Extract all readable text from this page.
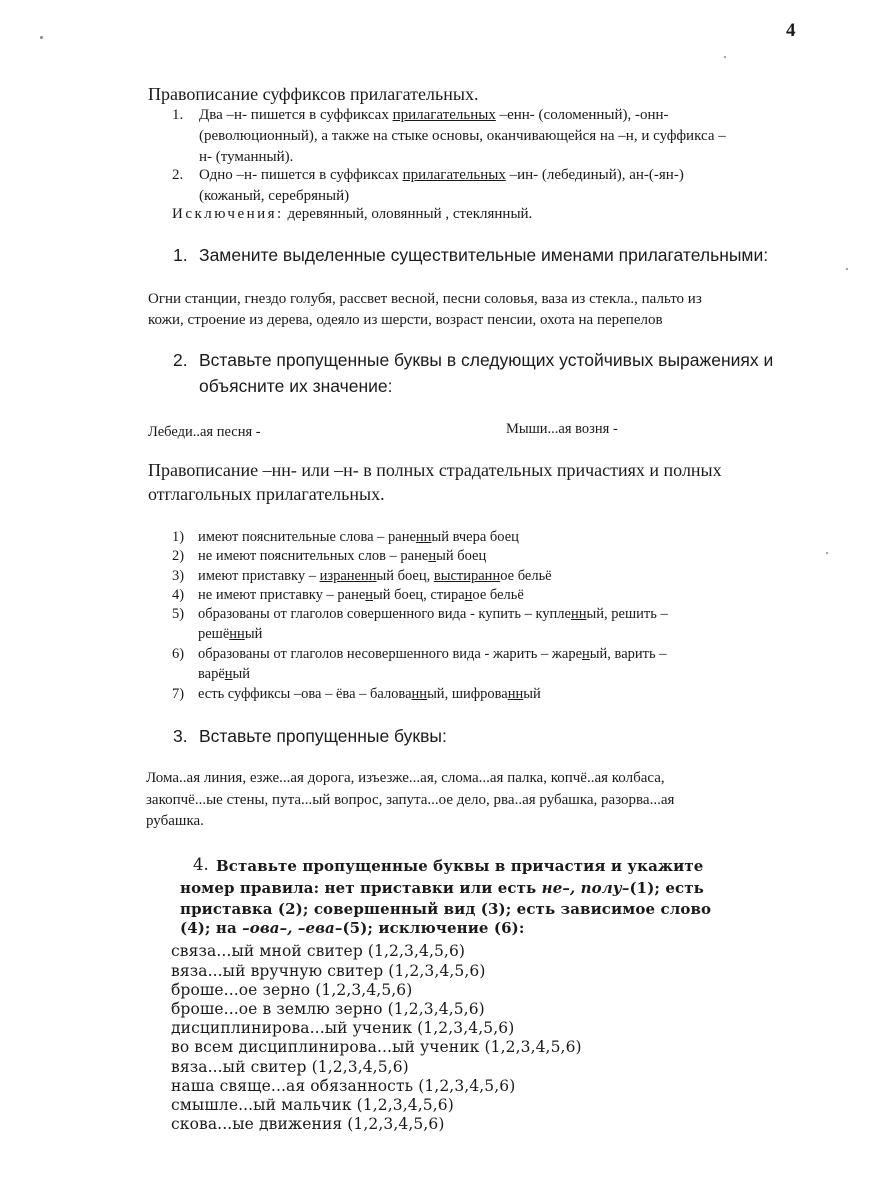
4
Правописание суффиксов прилагательных.
1. Два –н- пишется в суффиксах прилагательных –енн- (соломенный), -онн-
(революционный), а также на стыке основы, оканчивающейся на –н, и суффикса –
н- (туманный).
2. Одно –н- пишется в суффиксах прилагательных –ин- (лебединый), ан-(-ян-)
(кожаный, серебряный)
Исключения: деревянный, оловянный , стеклянный.
1. Замените выделенные существительные именами прилагательными:
Огни станции, гнездо голубя, рассвет весной, песни соловья, ваза из стекла., пальто из
кожи, строение из дерева, одеяло из шерсти, возраст пенсии, охота на перепелов
2. Вставьте пропущенные буквы в следующих устойчивых выражениях и
объясните их значение:
Лебеди..ая песня -	Мыши...ая возня -
Правописание –нн- или –н- в полных страдательных причастиях и полных
отглагольных прилагательных.
1) имеют пояснительные слова – раненный вчера боец
2) не имеют пояснительных слов – раненый боец
3) имеют приставку – израненный боец, выстиранное бельё
4) не имеют приставку – раненый боец, стираное бельё
5) образованы от глаголов совершенного вида - купить – купленный, решить –
решённый
6) образованы от глаголов несовершенного вида - жарить – жареный, варить –
варёный
7) есть суффиксы –ова – ёва – балованный, шифрованный
3. Вставьте пропущенные буквы:
Лома..ая линия, езже...ая дорога, изъезже...ая, слома...ая палка, копчё..ая колбаса,
закопчё...ые стены, пута...ый вопрос, запута...ое дело, рва..ая рубашка, разорва...ая
рубашка.
4. Вставьте пропущенные буквы в причастия и укажите
номер правила: нет приставки или есть не–, полу–(1); есть
приставка (2); совершенный вид (3); есть зависимое слово
(4); на –ова–, –ева–(5); исключение (6):
связа...ый мной свитер (1,2,3,4,5,6)
вяза...ый вручную свитер (1,2,3,4,5,6)
броше...ое зерно (1,2,3,4,5,6)
броше...ое в землю зерно (1,2,3,4,5,6)
дисциплинирова...ый ученик (1,2,3,4,5,6)
во всем дисциплинирова...ый ученик (1,2,3,4,5,6)
вяза...ый свитер (1,2,3,4,5,6)
наша свяще...ая обязанность (1,2,3,4,5,6)
смышле...ый мальчик (1,2,3,4,5,6)
скова...ые движения (1,2,3,4,5,6)
